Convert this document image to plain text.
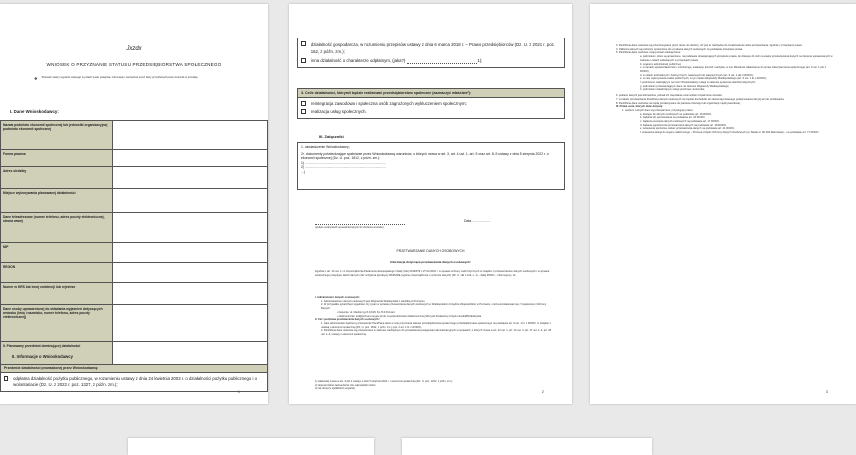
Jxzdx
WNIOSEK O PRZYZNANIE STATUSU PRZEDSIĘBIORSTWA SPOŁECZNEGO
❖ Wniosek należy wypełnić wpisując w polach puste pola/pola, informacje i zaznaczać przez dany przydział pól puste znacznik w przedsię.
I. Dane Wnioskodawcy:
Nazwa podmiotu ekonomii społecznej lub jednostki organizacyjnej podmiotu ekonomii społecznej	
Forma prawna	
Adres siedziby	
Miejsce wykonywania planowanej działalności	
Dane teleadresowe (numer telefonu, adres poczty elektronicznej, strona www)	
NIP	
REGON	
Numer w KRS lub innej ewidencji lub rejestrze	
Dane osoby upoważnionej do składania wyjaśnień dotyczących wniosku (imię i nazwisko, numer telefonu, adres poczty elektronicznej)	
II. Planowany przedmiot dominującej działalności	
II. Informacje o Wnioskodawcy
Przedmiot działalności prowadzonej przez Wnioskodawcę:
odpłatna działalność pożytku publicznego, w rozumieniu ustawy z dnia 24 kwietnia 2003 r. o działalności pożytku publicznego i o wolontariacie (Dz. U. z 2022 r. poz. 1327, z późn. zm.);
1
działalność gospodarcza, w rozumieniu przepisów ustawy z dnia 6 marca 2018 r. – Prawo przedsiębiorców (Dz. U. z 2021 r. poz. 162, z późn. zm.);
inna działalność o charakterze odpłatnym, (jaka?)	1);
3. Cel/e działalności, którym/i będzie realizować przedsiębiorstwo społeczne (zaznaczyć właściwe²):
reintegracja zawodowa i społeczna osób zagrożonych wykluczeniem społecznym;
realizacja usług społecznych.
III. Załączniki
1. oświadczenie Wnioskodawcy;
2³. dokumenty potwierdzające spełnianie przez Wnioskodawcę warunków, o których mowa w art. 3, art. 4 ust. 1, art. 5 oraz art. 8–9 ustawy z dnia 5 sierpnia 2022 r. o ekonomii społecznej (Dz. U. poz. 1812, z późn. zm.):
1) ......................................................................................
2) ......................................................................................
...)
(podpis osoby/osób upoważnionej/ych do złożenia wniosku)
Data ....................
PRZETWARZANIE DANYCH OSOBOWYCH
Informacja dotycząca przetwarzania danych osobowych:
Zgodnie z art. 13 ust. 1 i 2 rozporządzenia Parlamentu Europejskiego i Rady (UE) 2016/679 z 27.04.2016 r. w sprawie ochrony osób fizycznych w związku z przetwarzaniem danych osobowych i w sprawie swobodnego przepływu takich danych oraz uchylenia dyrektywy 95/46/WE (ogólne rozporządzenie o ochronie danych) (Dz. U. UE L 119, s. 1) – dalej RODO – informujemy, że:
I. Administrator danych osobowych:
1. Administratorem danych osobowych jest Wojewoda Wielkopolski z siedzibą w Poznaniu.
2. W przypadku pytań/chęci wyjaśnień czy pytań w sprawie przetwarzania danych osobowych w Wielkopolskim Urzędzie Wojewódzkim w Poznaniu, można kontaktować się z Inspektorem Ochrony Danych:
• listownie: ul. Niezłomnych 16/18, 61-713 Poznań;
• elektronicznie: iod@poznan.uw.gov.pl lub za pośrednictwem Elektronicznej Skrzynki Podawczej Urzędu /iuw6q86rdk/skrytka.
II. Cel i podstawa przetwarzania danych osobowych:
1. Jako administrator będziemy przetwarzać Pani/Pana dane w celu przyznania statusu przedsiębiorstwa społecznego przedsiębiorstwa społecznego na podstawie art. 6 ust. 1 lit. c RODO, w związku z ustawą o ekonomii społecznej (Dz. U. poz. 1812, z późn. zm.) (ust. 2 art. 1 lit. c RODO);
2. Pani/Pana dane osobowe są przetwarzane w zakresie niezbędnym do prowadzenia postępowań administracyjnych w sprawach, o których mowa w art. 12 ust. 1, art. 14 ust. 3, art. 17 ust. 1–2, art. 18 ust. 1–2, ustawy o ekonomii społecznej.
1) właściwej mowa w art. 3 pkt 2 ustawy z dnia 5 sierpnia 2022 r. o ekonomii społecznej (Dz. U. poz. 1812, z późn. zm.);
2) dopuszczalne zaznaczenie obu odpowiedzi celów;
3) nie dotyczy spółdzielni socjalnej.
2
3. Pani/Pana dane osobowe są przechowywane przez okres nie dłuższy, niż jest to niezbędne do zrealizowania celów przetwarzania, zgodnie z przepisami prawa.
4. Odbiorcą danych są podmioty uprawnione do uzyskania danych osobowych na podstawie przepisów prawa.
5. Pani/Pana dane osobowe mogą zostać udostępnione:
a. podmiotom, które są uprawnione, na podstawie obowiązujących przepisów prawa, do dostępu do nich na etapie przekazywania danych na zlecenie sprawowanych w zakresie i celach wskazanych w przepisach prawa;
b. organom administracji publicznej;
c. w ramach sprawozdawczości, monitoringu, ewaluacji, kontroli i audytów, w tym Ministrowi właściwemu do spraw zabezpieczenia społecznego (art. 9 ust. 1 pkt 1 RODO);
d. w celach archiwalnych i historycznych, naukowych lub statystycznych (art. 9 ust. 1 pkt 3 RODO);
e. w celu wykonywania zadań publicznych, w tym zadań Wojewody Wielkopolskiego (art. 6 ust. 1 lit. e RODO);
f. podmiotom realizującym na rzecz Wnioskodawcy usługi w zakresie systemów teleinformatycznych;
g. podmiotom przetwarzającym dane na zlecenie Wojewody Wielkopolskiego;
h. podmiotom świadczącym usługi pocztowe i kurierskie;
6. podanie danych jest dobrowolne, jednak ich niepodanie uniemożliwi rozpatrzenie wniosku.
7. w trakcie przetwarzania Pani/Pana danych osobowych nie będzie dochodziło do zautomatyzowanego podejmowania decyzji ani do profilowania.
8. Pani/Pana dane osobowe nie będą przekazywane do państwa trzeciego lub organizacji międzynarodowej.
III. Prawa osób, których dane dotyczą:
1. osobom, których dane są przetwarzane, przysługuje prawo:
a. dostępu do danych osobowych na podstawie art. 15 RODO,
b. żądania ich sprostowania na podstawie art. 16 RODO,
c. żądania usunięcia danych osobowych na podstawie art. 17 RODO,
d. żądania ograniczenia przetwarzania danych na podstawie art. 18 RODO,
e. wniesienia sprzeciwu wobec przetwarzania danych na podstawie art. 21 RODO,
f. wniesienia skargi do organu nadzorczego – Prezesa Urzędu Ochrony Danych Osobowych (ul. Stawki 2, 00-193 Warszawa) – na podstawie art. 77 RODO.
3
